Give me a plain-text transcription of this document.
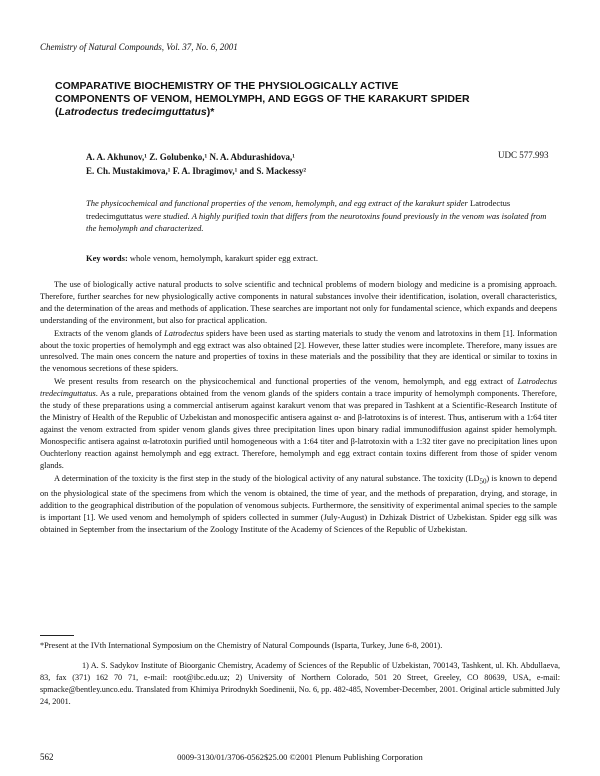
Chemistry of Natural Compounds, Vol. 37, No. 6, 2001
COMPARATIVE BIOCHEMISTRY OF THE PHYSIOLOGICALLY ACTIVE COMPONENTS OF VENOM, HEMOLYMPH, AND EGGS OF THE KARAKURT SPIDER (Latrodectus tredecimguttatus)*
A. A. Akhunov,¹ Z. Golubenko,¹ N. A. Abdurashidova,¹
E. Ch. Mustakimova,¹ F. A. Ibragimov,¹ and S. Mackessy²
UDC 577.993
The physicochemical and functional properties of the venom, hemolymph, and egg extract of the karakurt spider Latrodectus tredecimguttatus were studied. A highly purified toxin that differs from the neurotoxins found previously in the venom was isolated from the hemolymph and characterized.
Key words: whole venom, hemolymph, karakurt spider egg extract.

The use of biologically active natural products to solve scientific and technical problems of modern biology and medicine is a promising approach. Therefore, further searches for new physiologically active components in natural substances involve their identification, isolation, overall characteristics, and the determination of the areas and methods of application. These searches are important not only for fundamental science, which expands and deepens understanding of the environment, but also for practical application.

Extracts of the venom glands of Latrodectus spiders have been used as starting materials to study the venom and latrotoxins in them [1]. Information about the toxic properties of hemolymph and egg extract was also obtained [2]. However, these latter studies were incomplete. Therefore, many issues are unresolved. The main ones concern the nature and properties of toxins in these materials and the possibility that they are identical or similar to toxins in the venomous secretions of these spiders.

We present results from research on the physicochemical and functional properties of the venom, hemolymph, and egg extract of Latrodectus tredecimguttatus. As a rule, preparations obtained from the venom glands of the spiders contain a trace impurity of hemolymph components. Therefore, the study of these preparations using a commercial antiserum against karakurt venom that was prepared in Tashkent at a Scientific-Research Institute of the Ministry of Health of the Republic of Uzbekistan and monospecific antisera against α- and β-latrotoxins is of interest. Thus, antiserum with a 1:64 titer against the venom extracted from spider venom glands gives three precipitation lines upon binary radial immunodiffusion against spider hemolymph. Monospecific antisera against α-latrotoxin purified until homogeneous with a 1:64 titer and β-latrotoxin with a 1:32 titer gave no precipitation lines upon Ouchterlony reaction against hemolymph and egg extract. Therefore, hemolymph and egg extract contain toxins different from those of spider venom glands.

A determination of the toxicity is the first step in the study of the biological activity of any natural substance. The toxicity $(LD_{50})$ is known to depend on the physiological state of the specimens from which the venom is obtained, the time of year, and the methods of preparation, drying, and storage, in addition to the geographical distribution of the population of venomous subjects. Furthermore, the sensitivity of experimental animal species to the sample is important [1]. We used venom and hemolymph of spiders collected in summer (July-August) in Dzhizak District of Uzbekistan. Spider egg silk was obtained in September from the insectarium of the Zoology Institute of the Academy of Sciences of the Republic of Uzbekistan.

*Present at the IVth International Symposium on the Chemistry of Natural Compounds (Isparta, Turkey, June 6-8, 2001).

1) A. S. Sadykov Institute of Bioorganic Chemistry, Academy of Sciences of the Republic of Uzbekistan, 700143, Tashkent, ul. Kh. Abdullaeva, 83, fax (371) 162 70 71, e-mail: root@ibc.edu.uz; 2) University of Northern Colorado, 501 20 Street, Greeley, CO 80639, USA, e-mail: spmacke@bentley.unco.edu. Translated from Khimiya Prirodnykh Soedinenii, No. 6, pp. 482-485, November-December, 2001. Original article submitted July 24, 2001.

562	0009-3130/01/3706-0562$25.00 ©2001 Plenum Publishing Corporation
